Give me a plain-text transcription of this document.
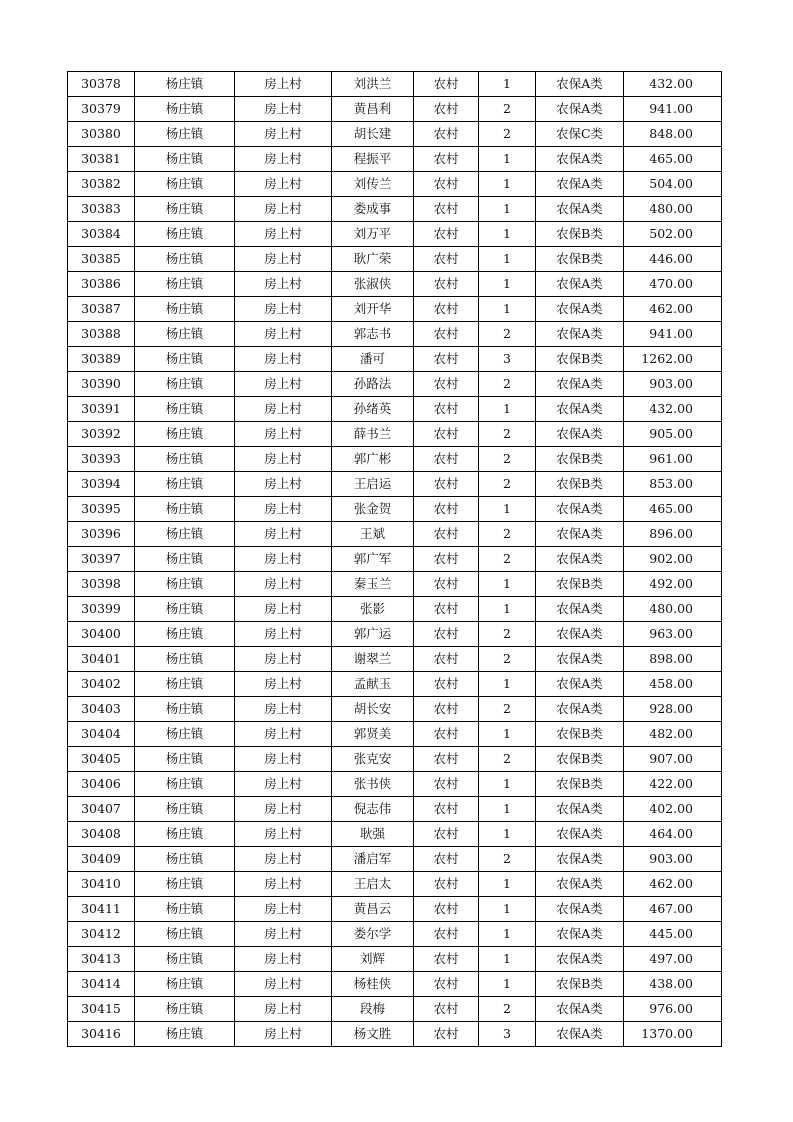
30378	杨庄镇	房上村	刘洪兰	农村	1	农保A类	432.00
30379	杨庄镇	房上村	黄昌利	农村	2	农保A类	941.00
30380	杨庄镇	房上村	胡长建	农村	2	农保C类	848.00
30381	杨庄镇	房上村	程振平	农村	1	农保A类	465.00
30382	杨庄镇	房上村	刘传兰	农村	1	农保A类	504.00
30383	杨庄镇	房上村	娄成事	农村	1	农保A类	480.00
30384	杨庄镇	房上村	刘万平	农村	1	农保B类	502.00
30385	杨庄镇	房上村	耿广荣	农村	1	农保B类	446.00
30386	杨庄镇	房上村	张淑侠	农村	1	农保A类	470.00
30387	杨庄镇	房上村	刘开华	农村	1	农保A类	462.00
30388	杨庄镇	房上村	郭志书	农村	2	农保A类	941.00
30389	杨庄镇	房上村	潘可	农村	3	农保B类	1262.00
30390	杨庄镇	房上村	孙路法	农村	2	农保A类	903.00
30391	杨庄镇	房上村	孙绪英	农村	1	农保A类	432.00
30392	杨庄镇	房上村	薛书兰	农村	2	农保A类	905.00
30393	杨庄镇	房上村	郭广彬	农村	2	农保B类	961.00
30394	杨庄镇	房上村	王启运	农村	2	农保B类	853.00
30395	杨庄镇	房上村	张金贺	农村	1	农保A类	465.00
30396	杨庄镇	房上村	王斌	农村	2	农保A类	896.00
30397	杨庄镇	房上村	郭广军	农村	2	农保A类	902.00
30398	杨庄镇	房上村	秦玉兰	农村	1	农保B类	492.00
30399	杨庄镇	房上村	张影	农村	1	农保A类	480.00
30400	杨庄镇	房上村	郭广运	农村	2	农保A类	963.00
30401	杨庄镇	房上村	谢翠兰	农村	2	农保A类	898.00
30402	杨庄镇	房上村	孟献玉	农村	1	农保A类	458.00
30403	杨庄镇	房上村	胡长安	农村	2	农保A类	928.00
30404	杨庄镇	房上村	郭贤美	农村	1	农保B类	482.00
30405	杨庄镇	房上村	张克安	农村	2	农保B类	907.00
30406	杨庄镇	房上村	张书侠	农村	1	农保B类	422.00
30407	杨庄镇	房上村	倪志伟	农村	1	农保A类	402.00
30408	杨庄镇	房上村	耿强	农村	1	农保A类	464.00
30409	杨庄镇	房上村	潘启军	农村	2	农保A类	903.00
30410	杨庄镇	房上村	王启太	农村	1	农保A类	462.00
30411	杨庄镇	房上村	黄昌云	农村	1	农保A类	467.00
30412	杨庄镇	房上村	娄尔学	农村	1	农保A类	445.00
30413	杨庄镇	房上村	刘辉	农村	1	农保A类	497.00
30414	杨庄镇	房上村	杨桂侠	农村	1	农保B类	438.00
30415	杨庄镇	房上村	段梅	农村	2	农保A类	976.00
30416	杨庄镇	房上村	杨文胜	农村	3	农保A类	1370.00
